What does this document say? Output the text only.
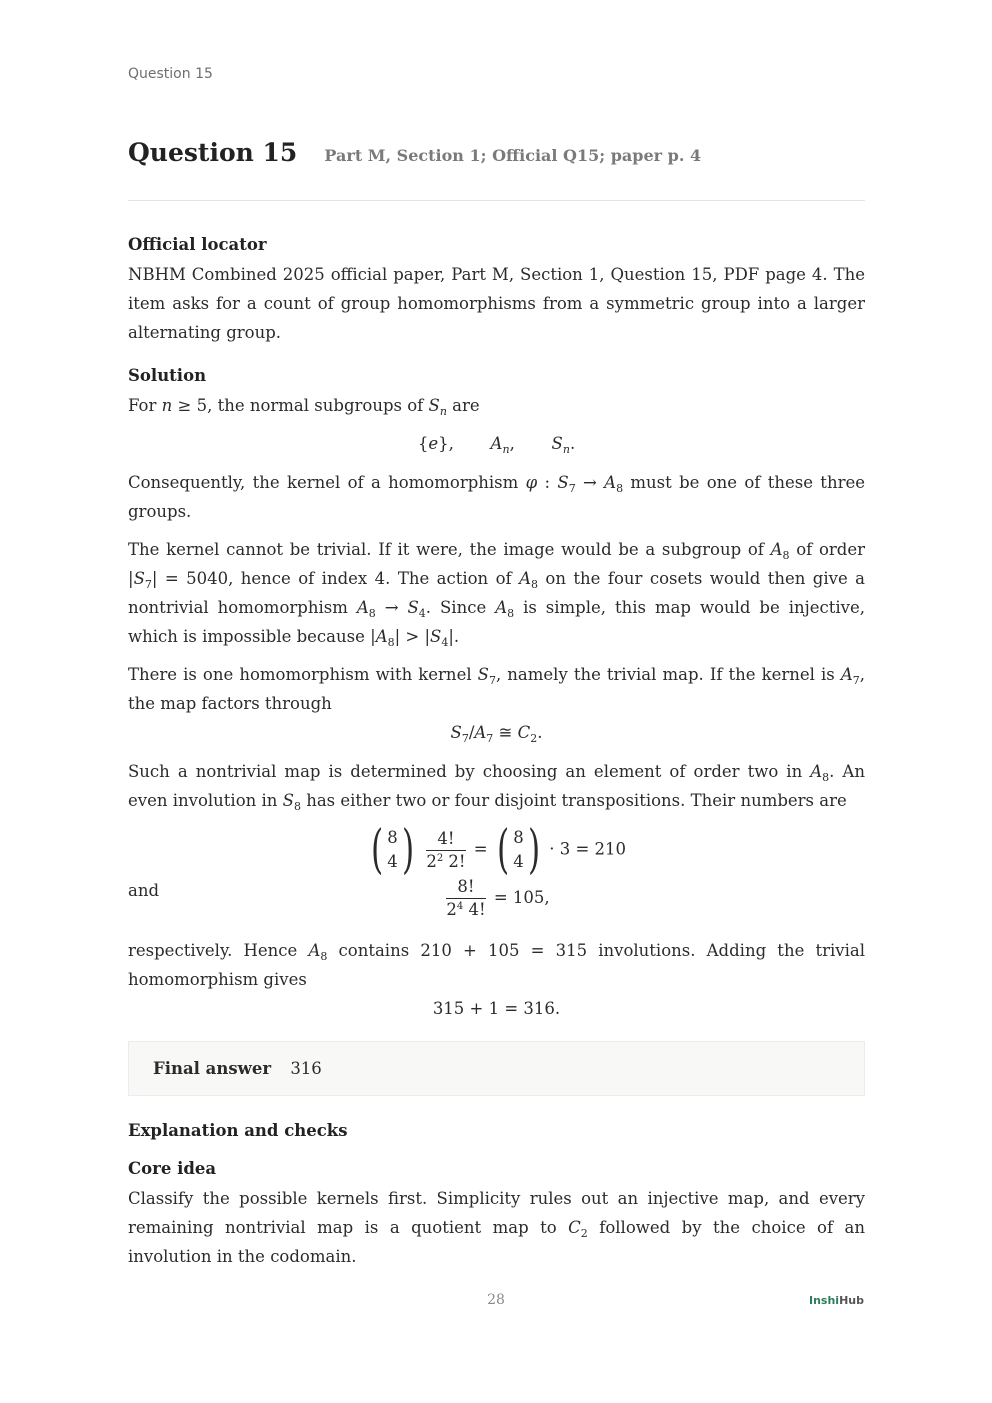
Question 15
Question 15 Part M, Section 1; Official Q15; paper p. 4
Official locator

NBHM Combined 2025 official paper, Part M, Section 1, Question 15, PDF page 4. The item asks for a count of group homomorphisms from a symmetric group into a larger alternating group.

Solution

For n ≥ 5, the normal subgroups of $S_n$ are

{e},       $A_n$,       $S_n$.

Consequently, the kernel of a homomorphism φ : $S_7 \to A_8$ must be one of these three groups.

The kernel cannot be trivial. If it were, the image would be a subgroup of $A_8$ of order $|S_7| = 5040$, hence of index 4. The action of $A_8$ on the four cosets would then give a nontrivial homomorphism $A_8 \to S_4$. Since $A_8$ is simple, this map would be injective, which is impossible because $|A_8| > |S_4|$.

There is one homomorphism with kernel $S_7$, namely the trivial map. If the kernel is $A_7$, the map factors through

$S_7/A_7$ ≅ $C_2$.

Such a nontrivial map is determined by choosing an element of order two in $A_8$. An even involution in $S_8$ has either two or four disjoint transpositions. Their numbers are

( 8
4 )
$\frac{4!}{2^2 2!}$ = ( 8
4 ) · 3 = 210
and	$\frac{8!}{2^4 4!} = 105$,

respectively. Hence $A_8$ contains 210 + 105 = 315 involutions. Adding the trivial homomorphism gives

315 + 1 = 316.
Final answer 316
Explanation and checks
Core idea

Classify the possible kernels first. Simplicity rules out an injective map, and every remaining nontrivial map is a quotient map to $C_2$ followed by the choice of an involution in the codomain.

28	InshiHub
